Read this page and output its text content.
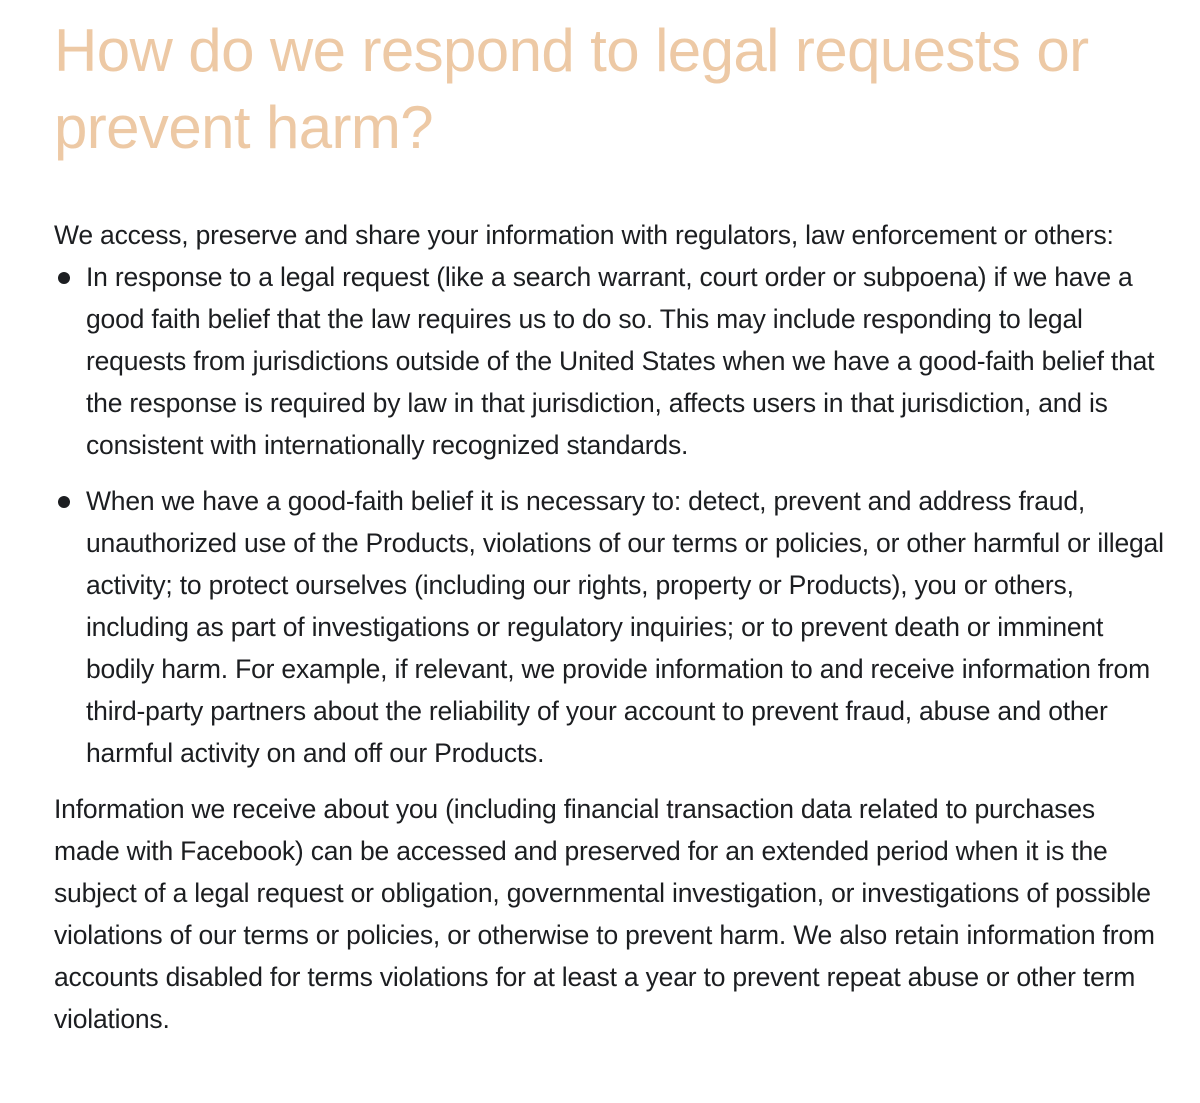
How do we respond to legal requests or prevent harm?

We access, preserve and share your information with regulators, law enforcement or others:

In response to a legal request (like a search warrant, court order or subpoena) if we have a good faith belief that the law requires us to do so. This may include responding to legal requests from jurisdictions outside of the United States when we have a good-faith belief that the response is required by law in that jurisdiction, affects users in that jurisdiction, and is consistent with internationally recognized standards.
When we have a good-faith belief it is necessary to: detect, prevent and address fraud, unauthorized use of the Products, violations of our terms or policies, or other harmful or illegal activity; to protect ourselves (including our rights, property or Products), you or others, including as part of investigations or regulatory inquiries; or to prevent death or imminent bodily harm. For example, if relevant, we provide information to and receive information from third-party partners about the reliability of your account to prevent fraud, abuse and other harmful activity on and off our Products.

Information we receive about you (including financial transaction data related to purchases made with Facebook) can be accessed and preserved for an extended period when it is the subject of a legal request or obligation, governmental investigation, or investigations of possible violations of our terms or policies, or otherwise to prevent harm. We also retain information from accounts disabled for terms violations for at least a year to prevent repeat abuse or other term violations.
